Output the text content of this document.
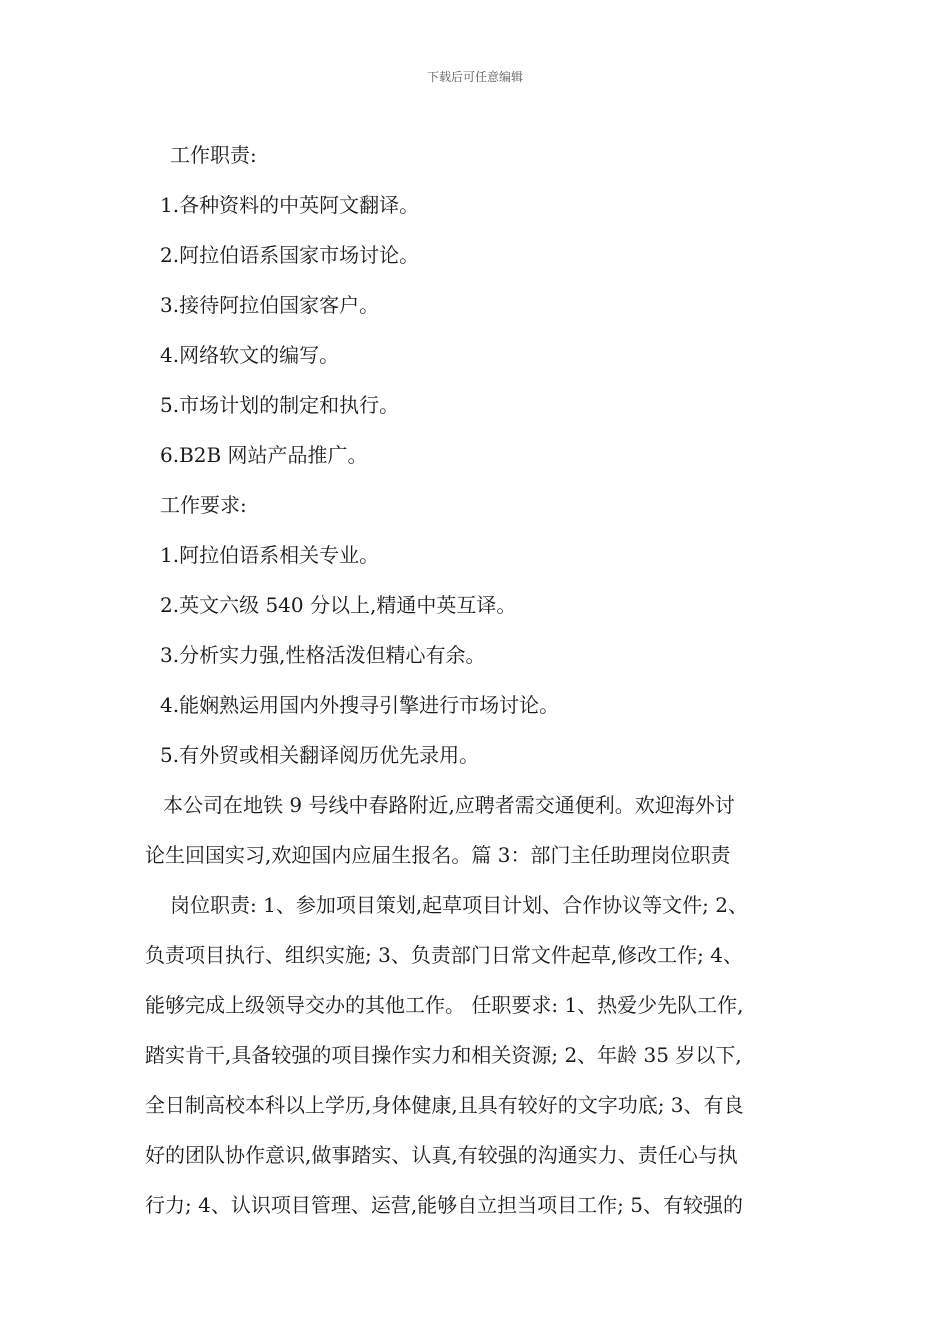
下载后可任意编辑
工作职责:
1.各种资料的中英阿文翻译。
2.阿拉伯语系国家市场讨论。
3.接待阿拉伯国家客户。
4.网络软文的编写。
5.市场计划的制定和执行。
6.B2B 网站产品推广。
工作要求:
1.阿拉伯语系相关专业。
2.英文六级 540 分以上,精通中英互译。
3.分析实力强,性格活泼但精心有余。
4.能娴熟运用国内外搜寻引擎进行市场讨论。
5.有外贸或相关翻译阅历优先录用。
本公司在地铁 9 号线中春路附近,应聘者需交通便利。欢迎海外讨
论生回国实习,欢迎国内应届生报名。篇 3：部门主任助理岗位职责
岗位职责: 1、参加项目策划,起草项目计划、合作协议等文件; 2、
负责项目执行、组织实施; 3、负责部门日常文件起草,修改工作; 4、
能够完成上级领导交办的其他工作。 任职要求: 1、热爱少先队工作,
踏实肯干,具备较强的项目操作实力和相关资源; 2、年龄 35 岁以下,
全日制高校本科以上学历,身体健康,且具有较好的文字功底; 3、有良
好的团队协作意识,做事踏实、认真,有较强的沟通实力、责任心与执
行力; 4、认识项目管理、运营,能够自立担当项目工作; 5、有较强的
